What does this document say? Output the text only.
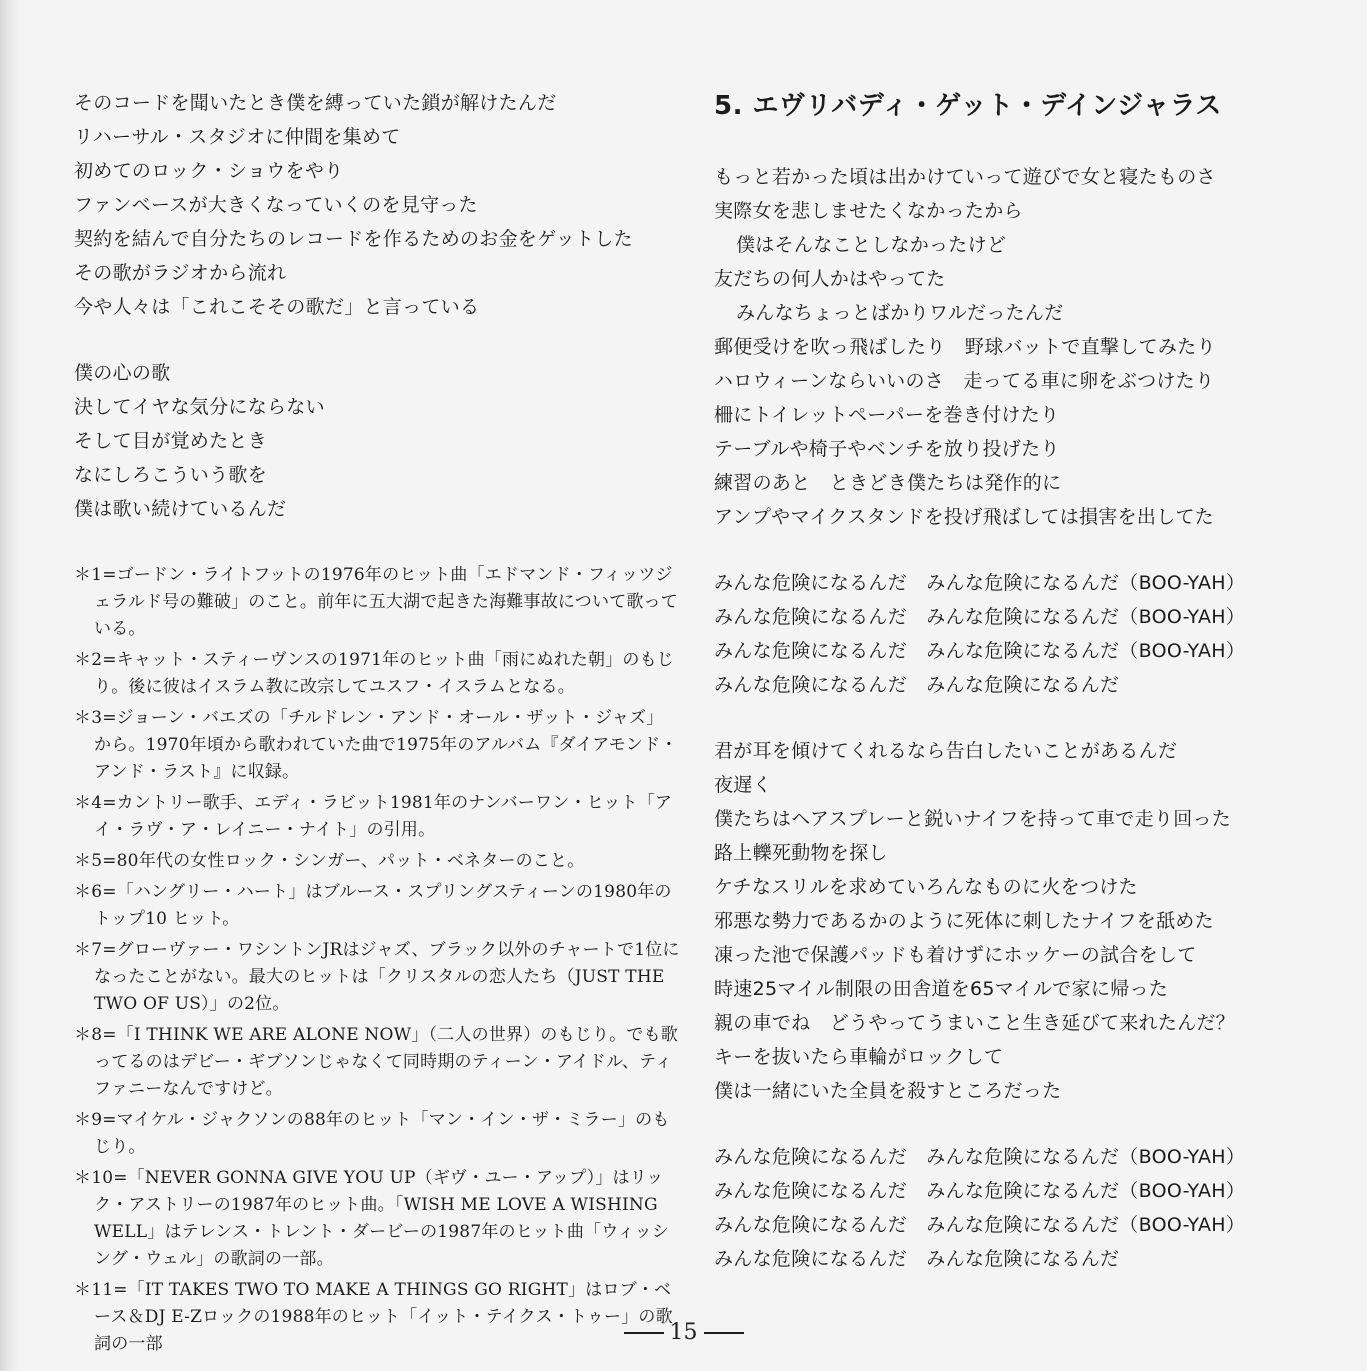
そのコードを聞いたとき僕を縛っていた鎖が解けたんだ
リハーサル・スタジオに仲間を集めて
初めてのロック・ショウをやり
ファンベースが大きくなっていくのを見守った
契約を結んで自分たちのレコードを作るためのお金をゲットした
その歌がラジオから流れ
今や人々は「これこそその歌だ」と言っている
僕の心の歌
決してイヤな気分にならない
そして目が覚めたとき
なにしろこういう歌を
僕は歌い続けているんだ
＊1=ゴードン・ライトフットの1976年のヒット曲「エドマンド・フィッツジェラルド号の難破」のこと。前年に五大湖で起きた海難事故について歌っている。
＊2=キャット・スティーヴンスの1971年のヒット曲「雨にぬれた朝」のもじり。後に彼はイスラム教に改宗してユスフ・イスラムとなる。
＊3=ジョーン・バエズの「チルドレン・アンド・オール・ザット・ジャズ」から。1970年頃から歌われていた曲で1975年のアルバム『ダイアモンド・アンド・ラスト』に収録。
＊4=カントリー歌手、エディ・ラビット1981年のナンバーワン・ヒット「アイ・ラヴ・ア・レイニー・ナイト」の引用。
＊5=80年代の女性ロック・シンガー、パット・ベネターのこと。
＊6=「ハングリー・ハート」はブルース・スプリングスティーンの1980年のトップ10 ヒット。
＊7=グローヴァー・ワシントンJRはジャズ、ブラック以外のチャートで1位になったことがない。最大のヒットは「クリスタルの恋人たち（JUST THE TWO OF US）」の2位。
＊8=「I THINK WE ARE ALONE NOW」（二人の世界）のもじり。でも歌ってるのはデビー・ギブソンじゃなくて同時期のティーン・アイドル、ティファニーなんですけど。
＊9=マイケル・ジャクソンの88年のヒット「マン・イン・ザ・ミラー」のもじり。
＊10=「NEVER GONNA GIVE YOU UP（ギヴ・ユー・アップ）」はリック・アストリーの1987年のヒット曲。「WISH ME LOVE A WISHING WELL」はテレンス・トレント・ダービーの1987年のヒット曲「ウィッシング・ウェル」の歌詞の一部。
＊11=「IT TAKES TWO TO MAKE A THINGS GO RIGHT」はロブ・ベース＆DJ E-Zロックの1988年のヒット「イット・テイクス・トゥー」の歌詞の一部
5. エヴリバディ・ゲット・デインジャラス
もっと若かった頃は出かけていって遊びで女と寝たものさ
実際女を悲しませたくなかったから
僕はそんなことしなかったけど
友だちの何人かはやってた
みんなちょっとばかりワルだったんだ
郵便受けを吹っ飛ばしたり　野球バットで直撃してみたり
ハロウィーンならいいのさ　走ってる車に卵をぶつけたり
柵にトイレットペーパーを巻き付けたり
テーブルや椅子やベンチを放り投げたり
練習のあと　ときどき僕たちは発作的に
アンプやマイクスタンドを投げ飛ばしては損害を出してた
みんな危険になるんだ　みんな危険になるんだ（BOO-YAH）
みんな危険になるんだ　みんな危険になるんだ（BOO-YAH）
みんな危険になるんだ　みんな危険になるんだ（BOO-YAH）
みんな危険になるんだ　みんな危険になるんだ
君が耳を傾けてくれるなら告白したいことがあるんだ
夜遅く
僕たちはヘアスプレーと鋭いナイフを持って車で走り回った
路上轢死動物を探し
ケチなスリルを求めていろんなものに火をつけた
邪悪な勢力であるかのように死体に刺したナイフを舐めた
凍った池で保護パッドも着けずにホッケーの試合をして
時速25マイル制限の田舎道を65マイルで家に帰った
親の車でね　どうやってうまいこと生き延びて来れたんだ？
キーを抜いたら車輪がロックして
僕は一緒にいた全員を殺すところだった
みんな危険になるんだ　みんな危険になるんだ（BOO-YAH）
みんな危険になるんだ　みんな危険になるんだ（BOO-YAH）
みんな危険になるんだ　みんな危険になるんだ（BOO-YAH）
みんな危険になるんだ　みんな危険になるんだ
15
